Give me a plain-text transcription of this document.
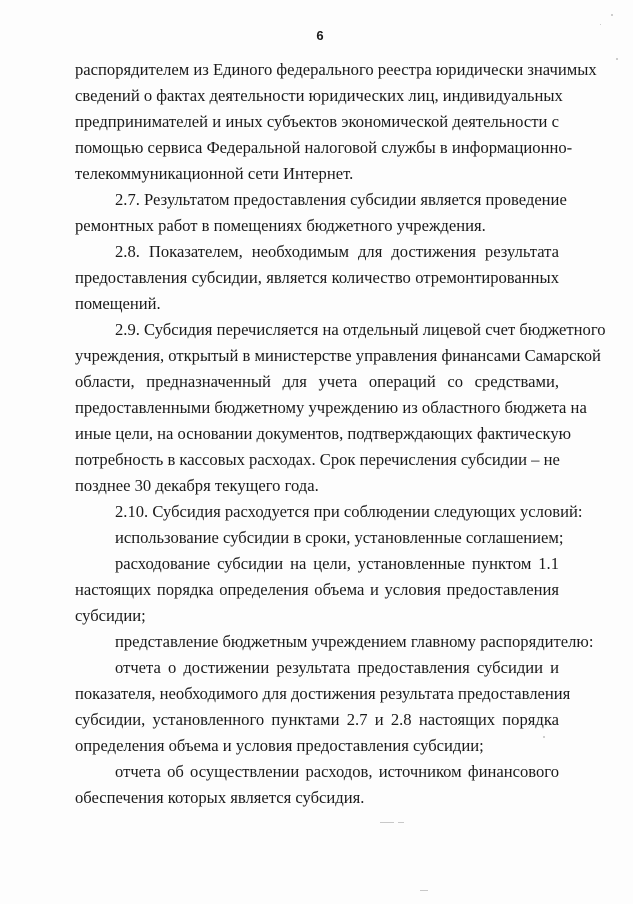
6
распорядителем из Единого федерального реестра юридически значимых
сведений о фактах деятельности юридических лиц, индивидуальных
предпринимателей и иных субъектов экономической деятельности с
помощью сервиса Федеральной налоговой службы в информационно-
телекоммуникационной сети Интернет.
2.7. Результатом предоставления субсидии является проведение
ремонтных работ в помещениях бюджетного учреждения.
2.8. Показателем, необходимым для достижения результата
предоставления субсидии, является количество отремонтированных
помещений.
2.9. Субсидия перечисляется на отдельный лицевой счет бюджетного
учреждения, открытый в министерстве управления финансами Самарской
области, предназначенный для учета операций со средствами,
предоставленными бюджетному учреждению из областного бюджета на
иные цели, на основании документов, подтверждающих фактическую
потребность в кассовых расходах. Срок перечисления субсидии – не
позднее 30 декабря текущего года.
2.10. Субсидия расходуется при соблюдении следующих условий:
использование субсидии в сроки, установленные соглашением;
расходование субсидии на цели, установленные пунктом 1.1
настоящих порядка определения объема и условия предоставления
субсидии;
представление бюджетным учреждением главному распорядителю:
отчета о достижении результата предоставления субсидии и
показателя, необходимого для достижения результата предоставления
субсидии, установленного пунктами 2.7 и 2.8 настоящих порядка
определения объема и условия предоставления субсидии;
отчета об осуществлении расходов, источником финансового
обеспечения которых является субсидия.
